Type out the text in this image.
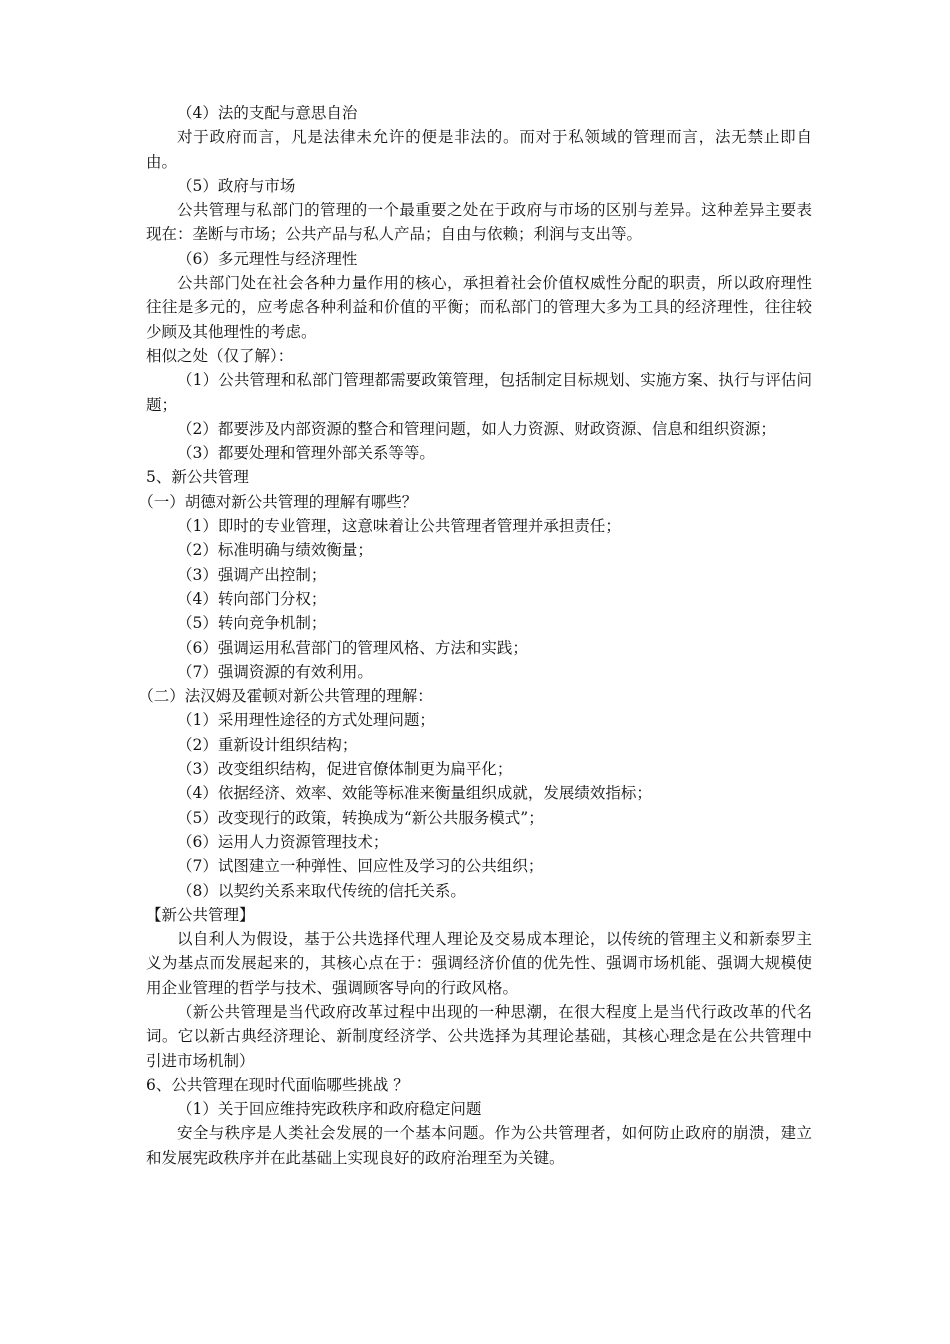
（4）法的支配与意思自治

对于政府而言，凡是法律未允许的便是非法的。而对于私领域的管理而言，法无禁止即自由。

（5）政府与市场

公共管理与私部门的管理的一个最重要之处在于政府与市场的区别与差异。这种差异主要表现在：垄断与市场；公共产品与私人产品；自由与依赖；利润与支出等。

（6）多元理性与经济理性

公共部门处在社会各种力量作用的核心，承担着社会价值权威性分配的职责，所以政府理性往往是多元的，应考虑各种利益和价值的平衡；而私部门的管理大多为工具的经济理性，往往较少顾及其他理性的考虑。

相似之处（仅了解）：

（1）公共管理和私部门管理都需要政策管理，包括制定目标规划、实施方案、执行与评估问题；

（2）都要涉及内部资源的整合和管理问题，如人力资源、财政资源、信息和组织资源；

（3）都要处理和管理外部关系等等。

5、新公共管理

（一）胡德对新公共管理的理解有哪些？

（1）即时的专业管理，这意味着让公共管理者管理并承担责任；

（2）标准明确与绩效衡量；

（3）强调产出控制；

（4）转向部门分权；

（5）转向竞争机制；

（6）强调运用私营部门的管理风格、方法和实践；

（7）强调资源的有效利用。

（二）法汉姆及霍顿对新公共管理的理解：

（1）采用理性途径的方式处理问题；

（2）重新设计组织结构；

（3）改变组织结构，促进官僚体制更为扁平化；

（4）依据经济、效率、效能等标准来衡量组织成就，发展绩效指标；

（5）改变现行的政策，转换成为“新公共服务模式”；

（6）运用人力资源管理技术；

（7）试图建立一种弹性、回应性及学习的公共组织；

（8）以契约关系来取代传统的信托关系。

【新公共管理】

以自利人为假设，基于公共选择代理人理论及交易成本理论，以传统的管理主义和新泰罗主义为基点而发展起来的，其核心点在于：强调经济价值的优先性、强调市场机能、强调大规模使用企业管理的哲学与技术、强调顾客导向的行政风格。

（新公共管理是当代政府改革过程中出现的一种思潮，在很大程度上是当代行政改革的代名词。它以新古典经济理论、新制度经济学、公共选择为其理论基础，其核心理念是在公共管理中引进市场机制）

6、公共管理在现时代面临哪些挑战 ？

（1）关于回应维持宪政秩序和政府稳定问题

安全与秩序是人类社会发展的一个基本问题。作为公共管理者，如何防止政府的崩溃，建立和发展宪政秩序并在此基础上实现良好的政府治理至为关键。
